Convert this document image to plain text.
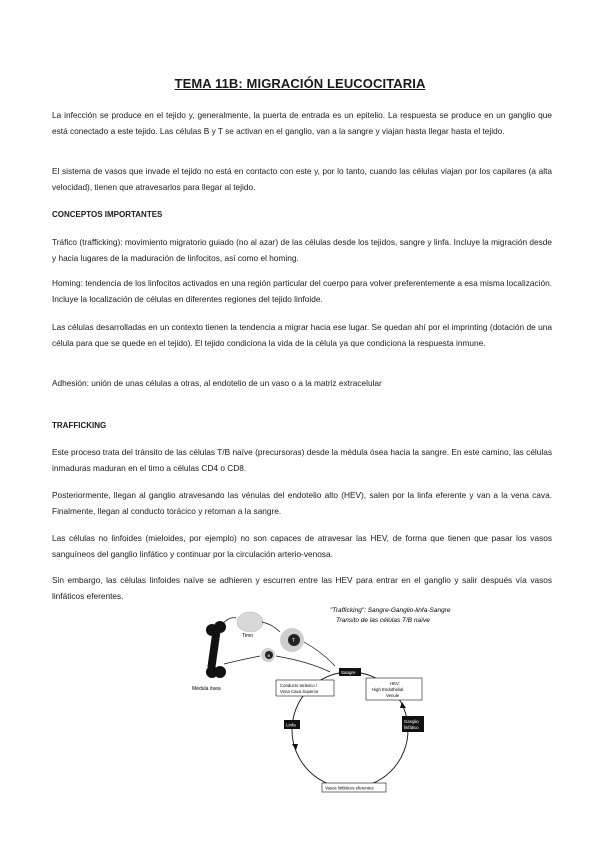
TEMA 11B: MIGRACIÓN LEUCOCITARIA
La infección se produce en el tejido y, generalmente, la puerta de entrada es un epitelio. La respuesta se produce en un ganglio que está conectado a este tejido. Las células B y T se activan en el ganglio, van a la sangre y viajan hasta llegar hasta el tejido.
El sistema de vasos que invade el tejido no está en contacto con este y, por lo tanto, cuando las células viajan por los capilares (a alta velocidad), tienen que atravesarlos para llegar al tejido.
CONCEPTOS IMPORTANTES
Tráfico (trafficking): movimiento migratorio guiado (no al azar) de las células desde los tejidos, sangre y linfa. Incluye la migración desde y hacia lugares de la maduración de linfocitos, así como el homing.
Homing: tendencia de los linfocitos activados en una región particular del cuerpo para volver preferentemente a esa misma localización. Incluye la localización de células en diferentes regiones del tejido linfoide.
Las células desarrolladas en un contexto tienen la tendencia a migrar hacia ese lugar. Se quedan ahí por el imprinting (dotación de una célula para que se quede en el tejido). El tejido condiciona la vida de la célula ya que condiciona la respuesta inmune.
Adhesión: unión de unas células a otras, al endotelio de un vaso o a la matriz extracelular
TRAFFICKING
Este proceso trata del tránsito de las células T/B naïve (precursoras) desde la médula ósea hacia la sangre. En este camino, las células inmaduras maduran en el timo a células CD4 o CD8.
Posteriormente, llegan al ganglio atravesando las vénulas del endotelio alto (HEV), salen por la linfa eferente y van a la vena cava. Finalmente, llegan al conducto torácico y retornan a la sangre.
Las células no linfoides (mieloides, por ejemplo) no son capaces de atravesar las HEV, de forma que tienen que pasar los vasos sanguíneos del ganglio linfático y continuar por la circulación arterio-venosa.
Sin embargo, las células linfoides naïve se adhieren y escurren entre las HEV para entrar en el ganglio y salir después vía vasos linfáticos eferentes.
"Trafficking": Sangre-Ganglio-linfa-Sangre
Transito de las células T/B naïve
Médula ósea
Timo
T
B
Sangre
Conducto toráxico /
Vena Cava Superior
HEV:
High Endothelial
Venule
Linfa
Ganglio
linfático
Vasos linfáticos eferentes
